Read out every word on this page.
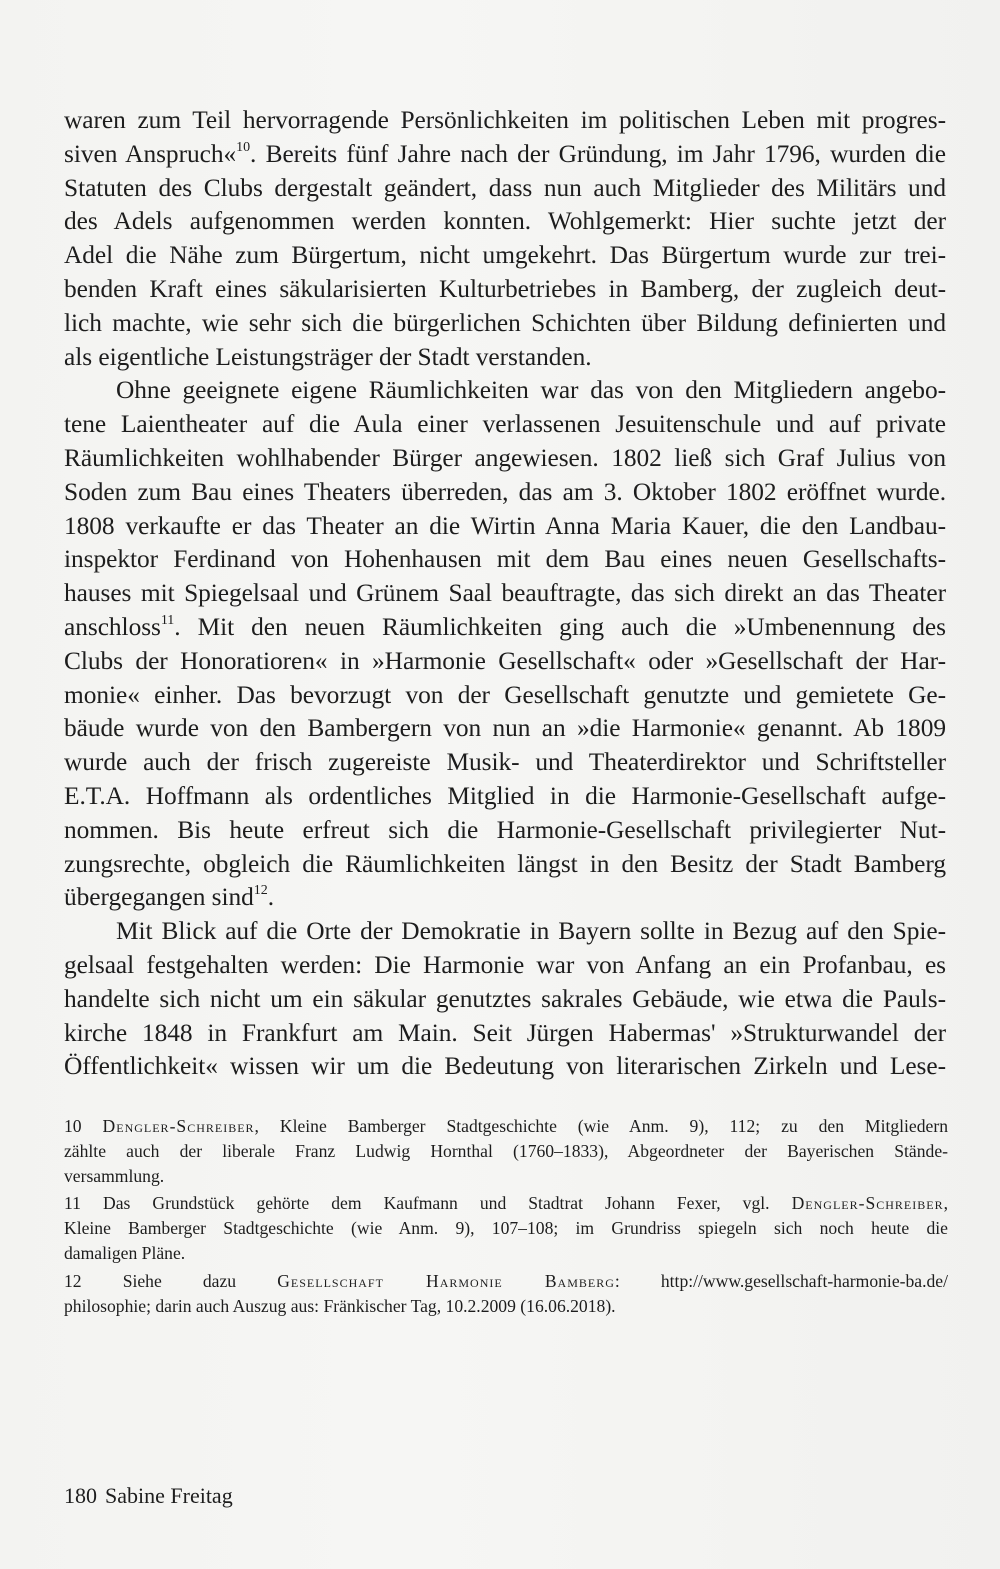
waren zum Teil hervorragende Persönlichkeiten im politischen Leben mit progres-
siven Anspruch«$^{10}$. Bereits fünf Jahre nach der Gründung, im Jahr 1796, wurden die
Statuten des Clubs dergestalt geändert, dass nun auch Mitglieder des Militärs und
des Adels aufgenommen werden konnten. Wohlgemerkt: Hier suchte jetzt der
Adel die Nähe zum Bürgertum, nicht umgekehrt. Das Bürgertum wurde zur trei-
benden Kraft eines säkularisierten Kulturbetriebes in Bamberg, der zugleich deut-
lich machte, wie sehr sich die bürgerlichen Schichten über Bildung definierten und
als eigentliche Leistungsträger der Stadt verstanden.
Ohne geeignete eigene Räumlichkeiten war das von den Mitgliedern angebo-
tene Laientheater auf die Aula einer verlassenen Jesuitenschule und auf private
Räumlichkeiten wohlhabender Bürger angewiesen. 1802 ließ sich Graf Julius von
Soden zum Bau eines Theaters überreden, das am 3. Oktober 1802 eröffnet wurde.
1808 verkaufte er das Theater an die Wirtin Anna Maria Kauer, die den Landbau-
inspektor Ferdinand von Hohenhausen mit dem Bau eines neuen Gesellschafts-
hauses mit Spiegelsaal und Grünem Saal beauftragte, das sich direkt an das Theater
anschloss$^{11}$. Mit den neuen Räumlichkeiten ging auch die »Umbenennung des
Clubs der Honoratioren« in »Harmonie Gesellschaft« oder »Gesellschaft der Har-
monie« einher. Das bevorzugt von der Gesellschaft genutzte und gemietete Ge-
bäude wurde von den Bambergern von nun an »die Harmonie« genannt. Ab 1809
wurde auch der frisch zugereiste Musik- und Theaterdirektor und Schriftsteller
E.T.A. Hoffmann als ordentliches Mitglied in die Harmonie-Gesellschaft aufge-
nommen. Bis heute erfreut sich die Harmonie-Gesellschaft privilegierter Nut-
zungsrechte, obgleich die Räumlichkeiten längst in den Besitz der Stadt Bamberg
übergegangen sind$^{12}$.
Mit Blick auf die Orte der Demokratie in Bayern sollte in Bezug auf den Spie-
gelsaal festgehalten werden: Die Harmonie war von Anfang an ein Profanbau, es
handelte sich nicht um ein säkular genutztes sakrales Gebäude, wie etwa die Pauls-
kirche 1848 in Frankfurt am Main. Seit Jürgen Habermas' »Strukturwandel der
Öffentlichkeit« wissen wir um die Bedeutung von literarischen Zirkeln und Lese-
10 Dengler-Schreiber, Kleine Bamberger Stadtgeschichte (wie Anm. 9), 112; zu den Mitgliedern
zählte auch der liberale Franz Ludwig Hornthal (1760–1833), Abgeordneter der Bayerischen Stände-
versammlung.
11 Das Grundstück gehörte dem Kaufmann und Stadtrat Johann Fexer, vgl. Dengler-Schreiber,
Kleine Bamberger Stadtgeschichte (wie Anm. 9), 107–108; im Grundriss spiegeln sich noch heute die
damaligen Pläne.
12 Siehe dazu Gesellschaft Harmonie Bamberg: http://www.gesellschaft-harmonie-ba.de/
philosophie; darin auch Auszug aus: Fränkischer Tag, 10.2.2009 (16.06.2018).
180 Sabine Freitag
